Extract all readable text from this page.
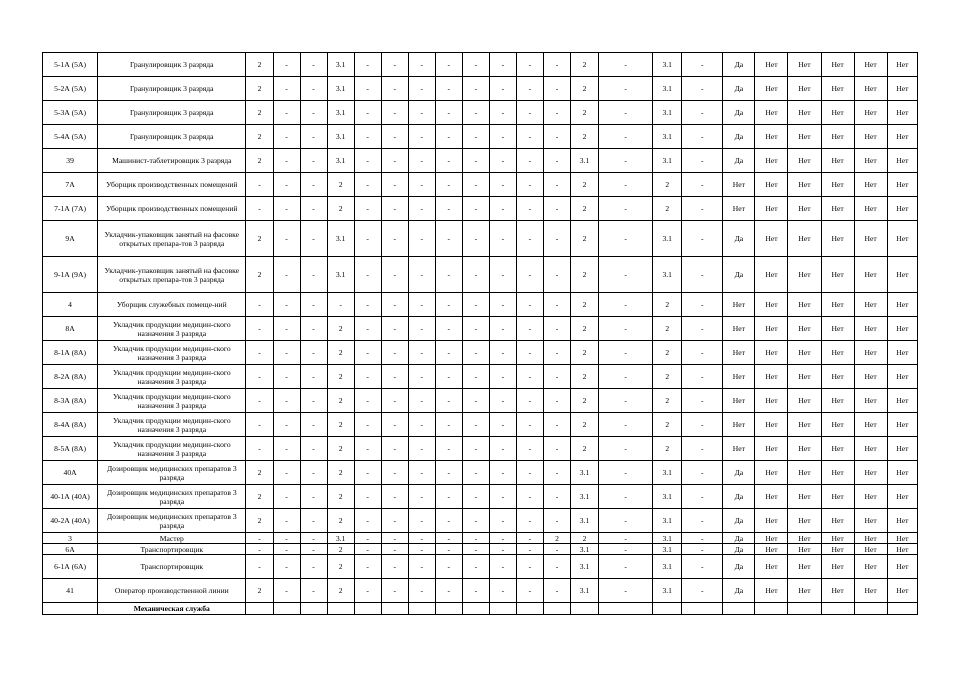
5-1А (5А)	Гранулировщик 3 разряда	2	-	-	3.1	-	-	-	-	-	-	-	-	2	-	3.1	-	Да	Нет	Нет	Нет	Нет	Нет
5-2А (5А)	Гранулировщик 3 разряда	2	-	-	3.1	-	-	-	-	-	-	-	-	2	-	3.1	-	Да	Нет	Нет	Нет	Нет	Нет
5-3А (5А)	Гранулировщик 3 разряда	2	-	-	3.1	-	-	-	-	-	-	-	-	2	-	3.1	-	Да	Нет	Нет	Нет	Нет	Нет
5-4А (5А)	Гранулировщик 3 разряда	2	-	-	3.1	-	-	-	-	-	-	-	-	2	-	3.1	-	Да	Нет	Нет	Нет	Нет	Нет
39	Машинист-таблетировщик 3 разряда	2	-	-	3.1	-	-	-	-	-	-	-	-	3.1	-	3.1	-	Да	Нет	Нет	Нет	Нет	Нет
7А	Уборщик производственных помещений	-	-	-	2	-	-	-	-	-	-	-	-	2	-	2	-	Нет	Нет	Нет	Нет	Нет	Нет
7-1А (7А)	Уборщик производственных помещений	-	-	-	2	-	-	-	-	-	-	-	-	2	-	2	-	Нет	Нет	Нет	Нет	Нет	Нет
9А	Укладчик-упаковщик занятый на фасовке открытых препара-тов 3 разряда	2	-	-	3.1	-	-	-	-	-	-	-	-	2	-	3.1	-	Да	Нет	Нет	Нет	Нет	Нет
9-1А (9А)	Укладчик-упаковщик занятый на фасовке открытых препара-тов 3 разряда	2	-	-	3.1	-	-	-	-	-	-	-	-	2	-	3.1	-	Да	Нет	Нет	Нет	Нет	Нет
4	Уборщик служебных помеще-ний	-	-	-	-	-	-	-	-	-	-	-	-	2	-	2	-	Нет	Нет	Нет	Нет	Нет	Нет
8А	Укладчик продукции медицин-ского назначения 3 разряда	-	-	-	2	-	-	-	-	-	-	-	-	2	-	2	-	Нет	Нет	Нет	Нет	Нет	Нет
8-1А (8А)	Укладчик продукции медицин-ского назначения 3 разряда	-	-	-	2	-	-	-	-	-	-	-	-	2	-	2	-	Нет	Нет	Нет	Нет	Нет	Нет
8-2А (8А)	Укладчик продукции медицин-ского назначения 3 разряда	-	-	-	2	-	-	-	-	-	-	-	-	2	-	2	-	Нет	Нет	Нет	Нет	Нет	Нет
8-3А (8А)	Укладчик продукции медицин-ского назначения 3 разряда	-	-	-	2	-	-	-	-	-	-	-	-	2	-	2	-	Нет	Нет	Нет	Нет	Нет	Нет
8-4А (8А)	Укладчик продукции медицин-ского назначения 3 разряда	-	-	-	2	-	-	-	-	-	-	-	-	2	-	2	-	Нет	Нет	Нет	Нет	Нет	Нет
8-5А (8А)	Укладчик продукции медицин-ского назначения 3 разряда	-	-	-	2	-	-	-	-	-	-	-	-	2	-	2	-	Нет	Нет	Нет	Нет	Нет	Нет
40А	Дозировщик медицинских препаратов 3 разряда	2	-	-	2	-	-	-	-	-	-	-	-	3.1	-	3.1	-	Да	Нет	Нет	Нет	Нет	Нет
40-1А (40А)	Дозировщик медицинских препаратов 3 разряда	2	-	-	2	-	-	-	-	-	-	-	-	3.1	-	3.1	-	Да	Нет	Нет	Нет	Нет	Нет
40-2А (40А)	Дозировщик медицинских препаратов 3 разряда	2	-	-	2	-	-	-	-	-	-	-	-	3.1	-	3.1	-	Да	Нет	Нет	Нет	Нет	Нет
3	Мастер	-	-	-	3.1	-	-	-	-	-	-	-	2	2	-	3.1	-	Да	Нет	Нет	Нет	Нет	Нет
6А	Транспортировщик	-	-	-	2	-	-	-	-	-	-	-	-	3.1	-	3.1	-	Да	Нет	Нет	Нет	Нет	Нет
6-1А (6А)	Транспортировщик	-	-	-	2	-	-	-	-	-	-	-	-	3.1	-	3.1	-	Да	Нет	Нет	Нет	Нет	Нет
41	Оператор производственной линии	2	-	-	2	-	-	-	-	-	-	-	-	3.1	-	3.1	-	Да	Нет	Нет	Нет	Нет	Нет
	Механическая служба																						
